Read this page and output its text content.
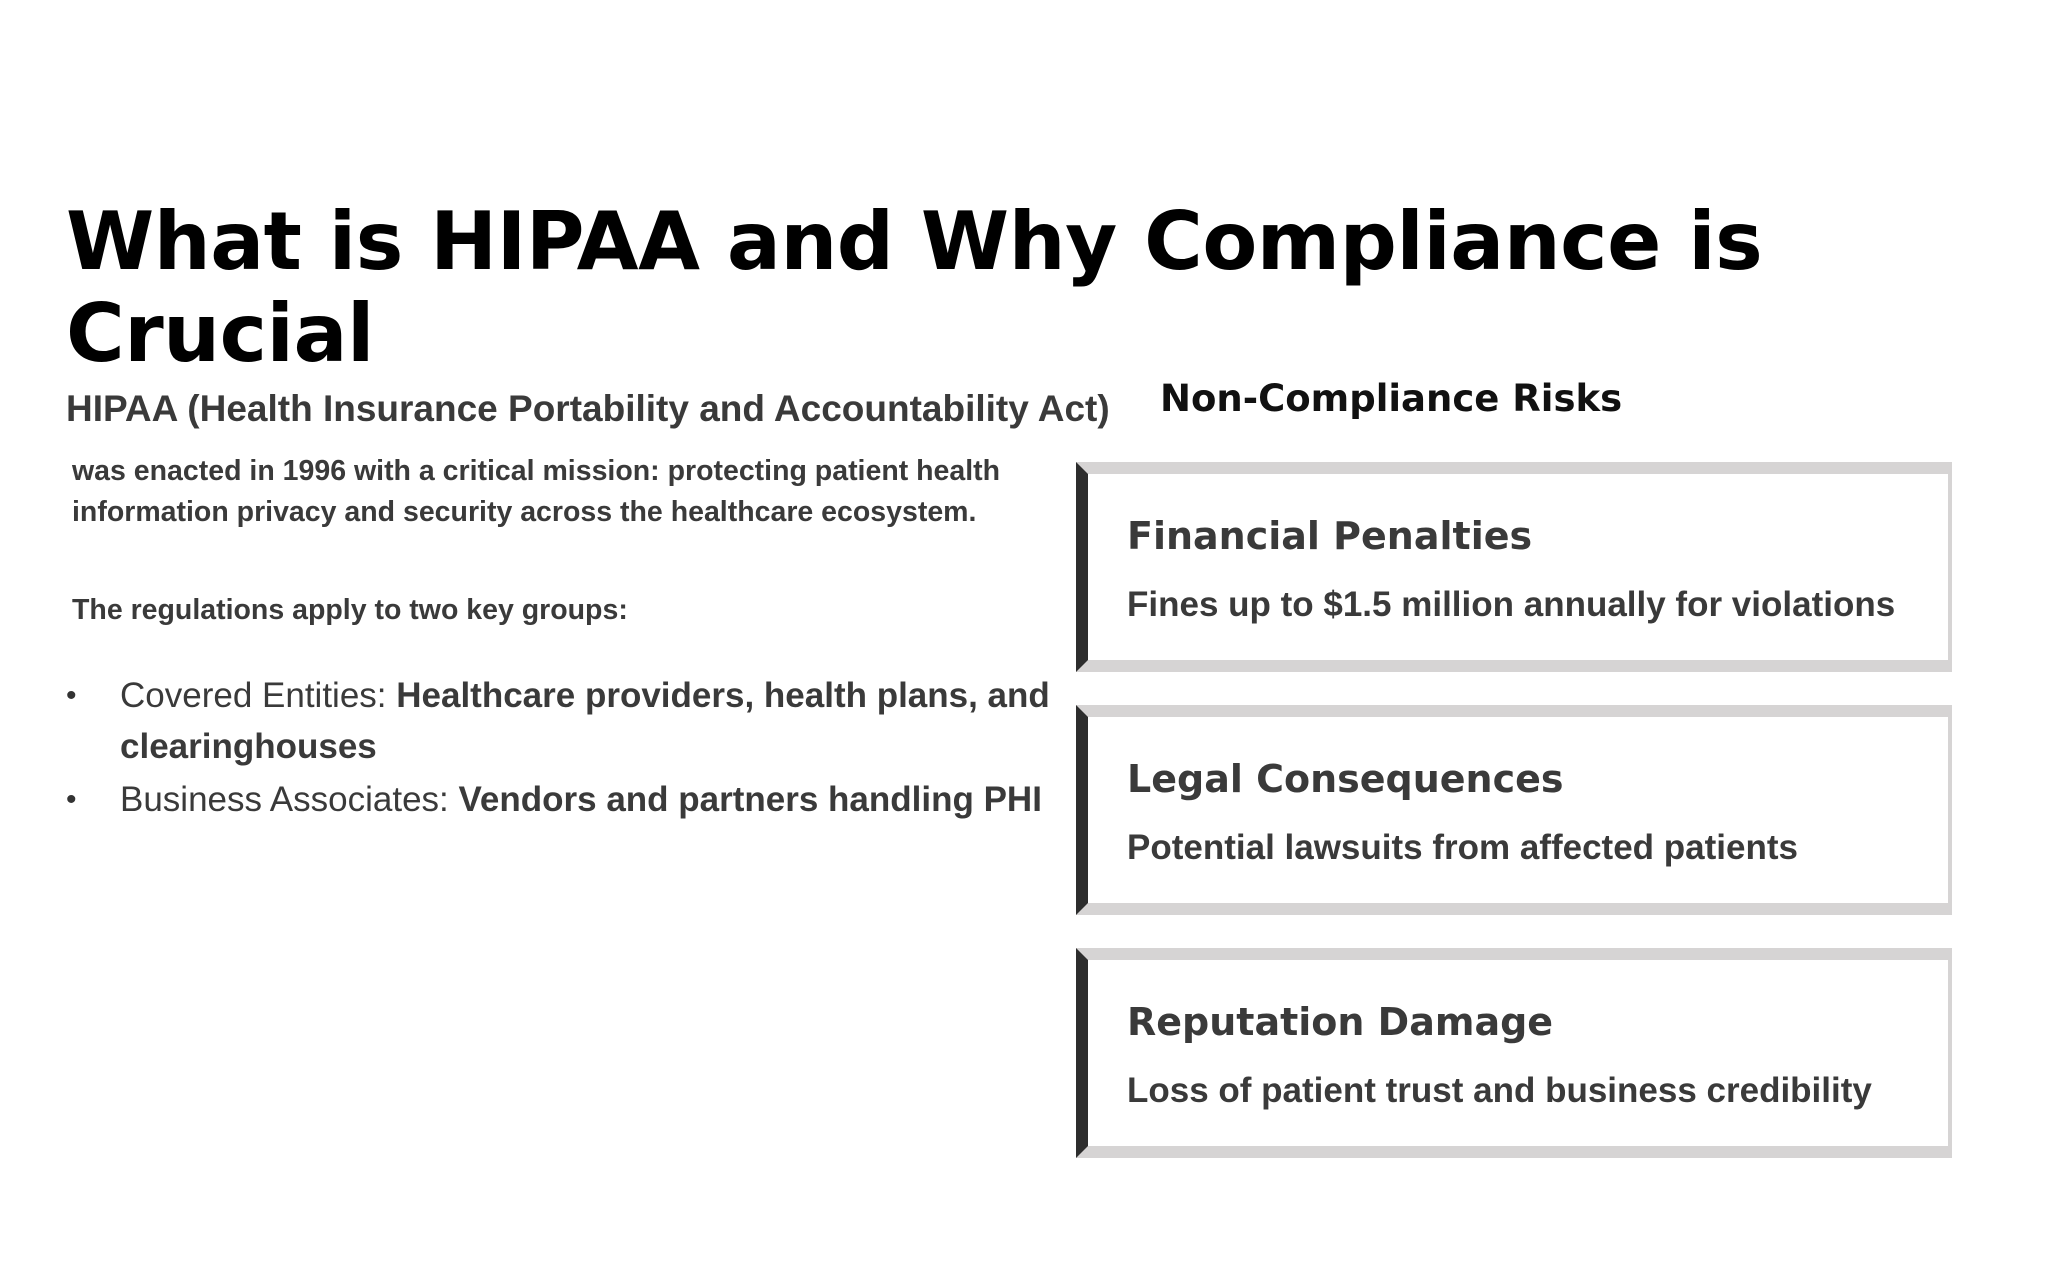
What is HIPAA and Why Compliance is Crucial
HIPAA (Health Insurance Portability and Accountability Act)

was enacted in 1996 with a critical mission: protecting patient health information privacy and security across the healthcare ecosystem.

The regulations apply to two key groups:

• Covered Entities: Healthcare providers, health plans, and clearinghouses
• Business Associates: Vendors and partners handling PHI
Non-Compliance Risks
Financial Penalties

Fines up to $1.5 million annually for violations

Legal Consequences

Potential lawsuits from affected patients

Reputation Damage

Loss of patient trust and business credibility
